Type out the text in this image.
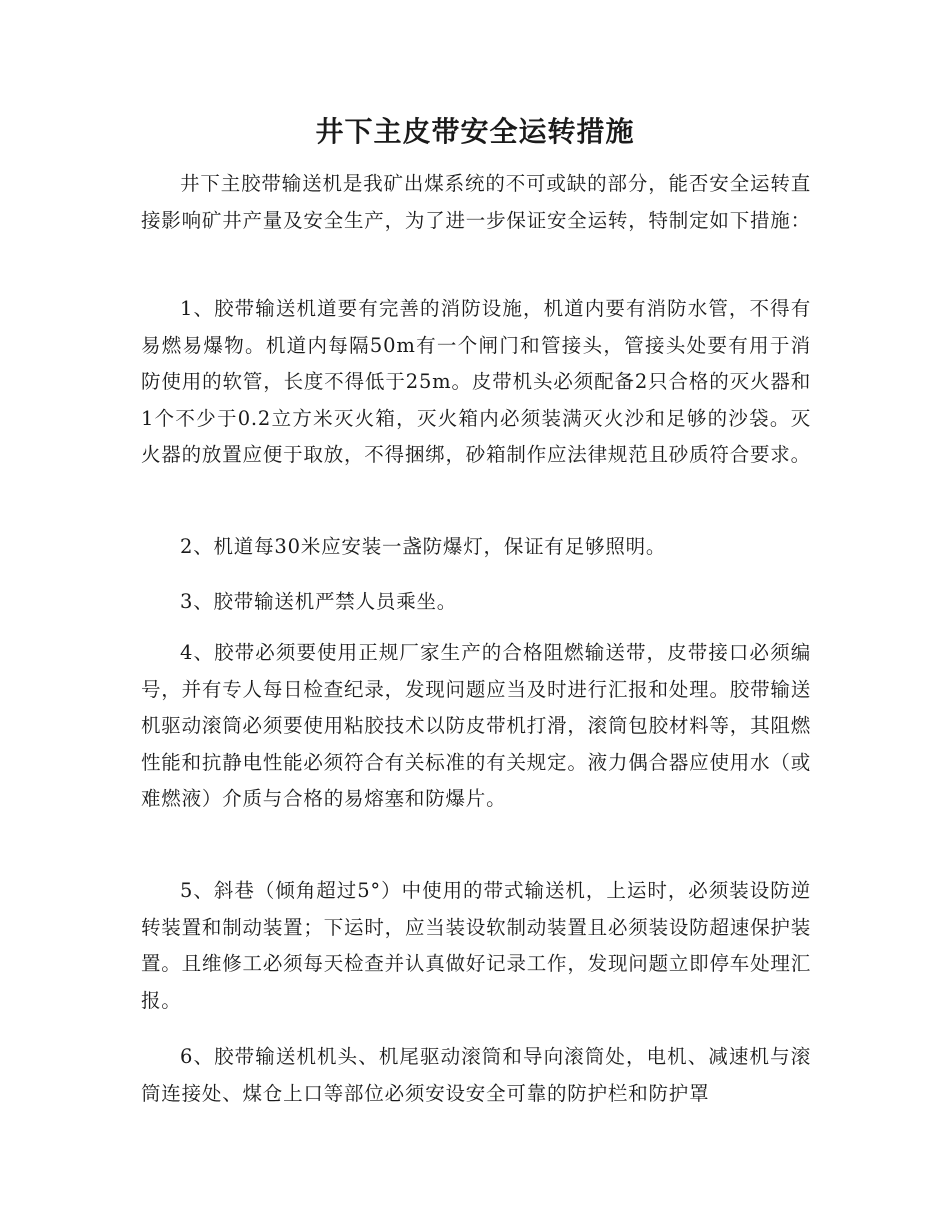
井下主皮带安全运转措施

井下主胶带输送机是我矿出煤系统的不可或缺的部分，能否安全运转直接影响矿井产量及安全生产，为了进一步保证安全运转，特制定如下措施：

1、胶带输送机道要有完善的消防设施，机道内要有消防水管，不得有易燃易爆物。机道内每隔50m有一个闸门和管接头，管接头处要有用于消防使用的软管，长度不得低于25m。皮带机头必须配备2只合格的灭火器和1个不少于0.2立方米灭火箱，灭火箱内必须装满灭火沙和足够的沙袋。灭火器的放置应便于取放，不得捆绑，砂箱制作应法律规范且砂质符合要求。

2、机道每30米应安装一盏防爆灯，保证有足够照明。

3、胶带输送机严禁人员乘坐。

4、胶带必须要使用正规厂家生产的合格阻燃输送带，皮带接口必须编号，并有专人每日检查纪录，发现问题应当及时进行汇报和处理。胶带输送机驱动滚筒必须要使用粘胶技术以防皮带机打滑，滚筒包胶材料等，其阻燃性能和抗静电性能必须符合有关标准的有关规定。液力偶合器应使用水（或难燃液）介质与合格的易熔塞和防爆片。

5、斜巷（倾角超过5°）中使用的带式输送机，上运时，必须装设防逆转装置和制动装置；下运时，应当装设软制动装置且必须装设防超速保护装置。且维修工必须每天检查并认真做好记录工作，发现问题立即停车处理汇报。

6、胶带输送机机头、机尾驱动滚筒和导向滚筒处，电机、减速机与滚筒连接处、煤仓上口等部位必须安设安全可靠的防护栏和防护罩
